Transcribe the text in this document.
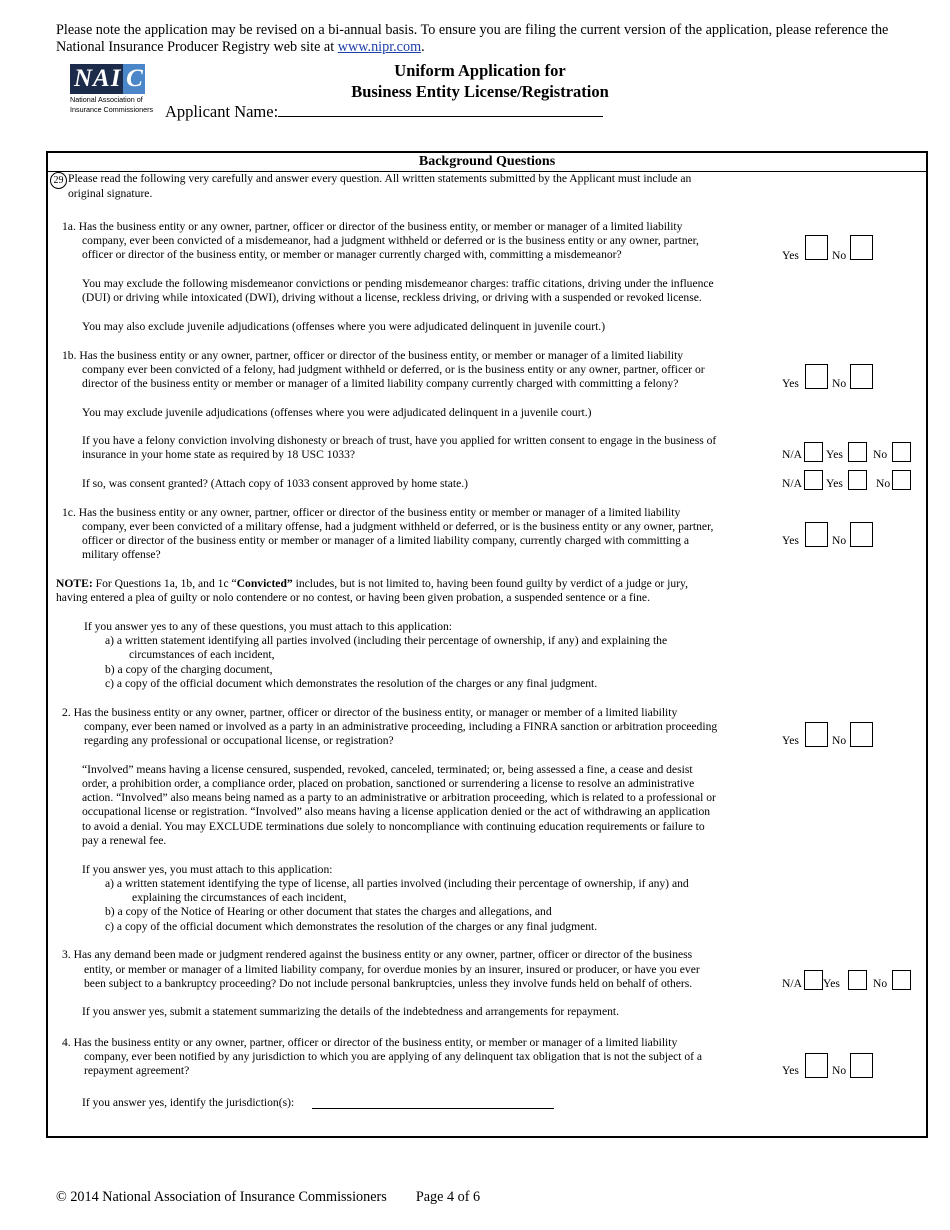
Please note the application may be revised on a bi-annual basis. To ensure you are filing the current version of the application, please reference the National Insurance Producer Registry web site at www.nipr.com.
NAI C
National Association of
Insurance Commissioners
Uniform Application for
Business Entity License/Registration
Applicant Name:
Background Questions
29 Please read the following very carefully and answer every question. All written statements submitted by the Applicant must include an
original signature.
1a. Has the business entity or any owner, partner, officer or director of the business entity, or member or manager of a limited liability
company, ever been convicted of a misdemeanor, had a judgment withheld or deferred or is the business entity or any owner, partner,
officer or director of the business entity, or member or manager currently charged with, committing a misdemeanor?	Yes	No
You may exclude the following misdemeanor convictions or pending misdemeanor charges: traffic citations, driving under the influence
(DUI) or driving while intoxicated (DWI), driving without a license, reckless driving, or driving with a suspended or revoked license.
You may also exclude juvenile adjudications (offenses where you were adjudicated delinquent in juvenile court.)
1b. Has the business entity or any owner, partner, officer or director of the business entity, or member or manager of a limited liability
company ever been convicted of a felony, had judgment withheld or deferred, or is the business entity or any owner, partner, officer or
director of the business entity or member or manager of a limited liability company currently charged with committing a felony?	Yes	No
You may exclude juvenile adjudications (offenses where you were adjudicated delinquent in a juvenile court.)
If you have a felony conviction involving dishonesty or breach of trust, have you applied for written consent to engage in the business of
insurance in your home state as required by 18 USC 1033?	N/A Yes	No
If so, was consent granted? (Attach copy of 1033 consent approved by home state.)	N/A Yes	No
1c. Has the business entity or any owner, partner, officer or director of the business entity or member or manager of a limited liability
company, ever been convicted of a military offense, had a judgment withheld or deferred, or is the business entity or any owner, partner,
officer or director of the business entity or member or manager of a limited liability company, currently charged with committing a
military offense?
Yes	No
NOTE: For Questions 1a, 1b, and 1c “Convicted” includes, but is not limited to, having been found guilty by verdict of a judge or jury,
having entered a plea of guilty or nolo contendere or no contest, or having been given probation, a suspended sentence or a fine.
If you answer yes to any of these questions, you must attach to this application:
a) a written statement identifying all parties involved (including their percentage of ownership, if any) and explaining the
circumstances of each incident,
b) a copy of the charging document,
c) a copy of the official document which demonstrates the resolution of the charges or any final judgment.
2. Has the business entity or any owner, partner, officer or director of the business entity, or manager or member of a limited liability
company, ever been named or involved as a party in an administrative proceeding, including a FINRA sanction or arbitration proceeding
regarding any professional or occupational license, or registration?	Yes	No
“Involved” means having a license censured, suspended, revoked, canceled, terminated; or, being assessed a fine, a cease and desist
order, a prohibition order, a compliance order, placed on probation, sanctioned or surrendering a license to resolve an administrative
action. “Involved” also means being named as a party to an administrative or arbitration proceeding, which is related to a professional or
occupational license or registration. “Involved” also means having a license application denied or the act of withdrawing an application
to avoid a denial. You may EXCLUDE terminations due solely to noncompliance with continuing education requirements or failure to
pay a renewal fee.
If you answer yes, you must attach to this application:
a) a written statement identifying the type of license, all parties involved (including their percentage of ownership, if any) and
explaining the circumstances of each incident,
b) a copy of the Notice of Hearing or other document that states the charges and allegations, and
c) a copy of the official document which demonstrates the resolution of the charges or any final judgment.
3. Has any demand been made or judgment rendered against the business entity or any owner, partner, officer or director of the business
entity, or member or manager of a limited liability company, for overdue monies by an insurer, insured or producer, or have you ever
been subject to a bankruptcy proceeding? Do not include personal bankruptcies, unless they involve funds held on behalf of others.	N/A Yes	No
If you answer yes, submit a statement summarizing the details of the indebtedness and arrangements for repayment.
4. Has the business entity or any owner, partner, officer or director of the business entity, or member or manager of a limited liability
company, ever been notified by any jurisdiction to which you are applying of any delinquent tax obligation that is not the subject of a
repayment agreement?	Yes	No
If you answer yes, identify the jurisdiction(s):
© 2014 National Association of Insurance Commissioners Page 4 of 6
